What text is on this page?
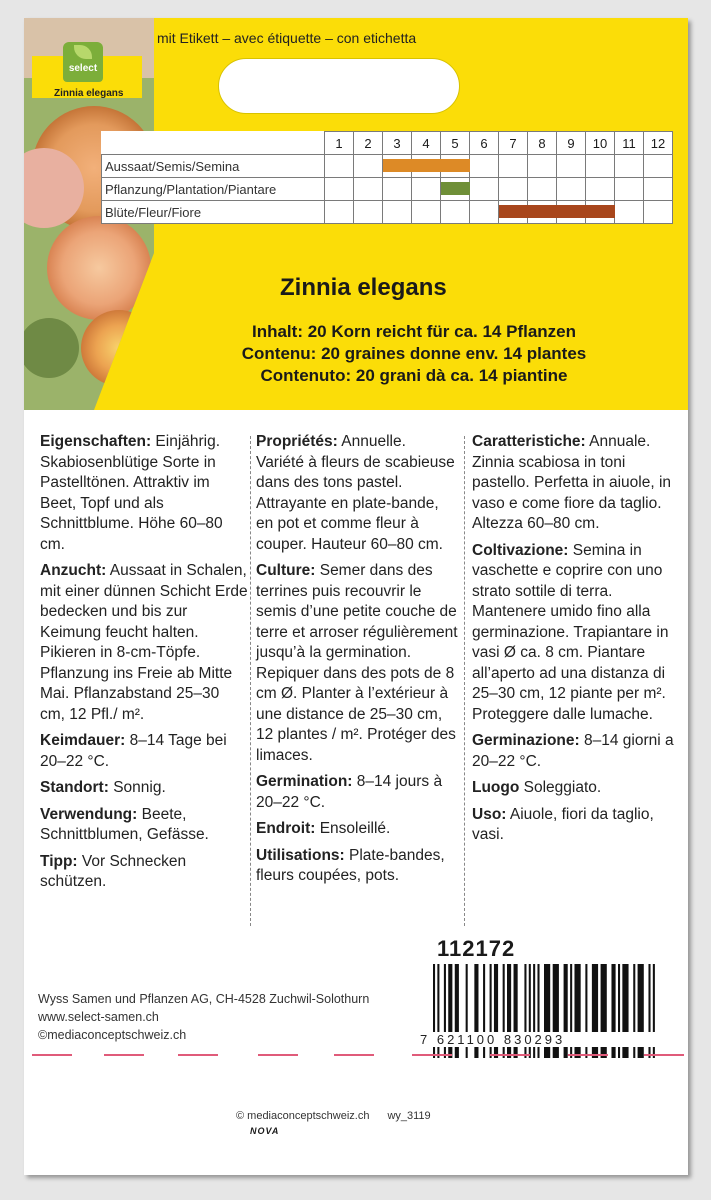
select
Zinnia elegans
mit Etikett – avec étiquette – con etichetta
	1	2	3	4	5	6	7	8	9	10	11	12
Aussaat/Semis/Semina			

Pflanzung/Plantation/Piantare					

Blüte/Fleur/Fiore							

Zinnia elegans
Inhalt: 20 Korn reicht für ca. 14 Pflanzen
Contenu: 20 graines donne env. 14 plantes
Contenuto: 20 grani dà ca. 14 piantine

Eigenschaften: Einjährig. Skabiosenblütige Sorte in Pastelltönen. Attraktiv im Beet, Topf und als Schnittblume. Höhe 60–80 cm.

Anzucht: Aussaat in Schalen, mit einer dünnen Schicht Erde bedecken und bis zur Keimung feucht halten. Pikieren in 8-cm-Töpfe. Pflanzung ins Freie ab Mitte Mai. Pflanzabstand 25–30 cm, 12 Pfl./ m².

Keimdauer: 8–14 Tage bei 20–22 °C.

Standort: Sonnig.

Verwendung: Beete, Schnittblumen, Gefässe.

Tipp: Vor Schnecken schützen.

Propriétés: Annuelle. Variété à fleurs de scabieuse dans des tons pastel. Attrayante en plate-bande, en pot et comme fleur à couper. Hauteur 60–80 cm.

Culture: Semer dans des terrines puis recouvrir le semis d’une petite couche de terre et arroser régulièrement jusqu’à la germination. Repiquer dans des pots de 8 cm Ø. Planter à l’extérieur à une distance de 25–30 cm, 12 plantes / m². Protéger des limaces.

Germination: 8–14 jours à 20–22 °C.

Endroit: Ensoleillé.

Utilisations: Plate-bandes, fleurs coupées, pots.

Caratteristiche: Annuale. Zinnia scabiosa in toni pastello. Perfetta in aiuole, in vaso e come fiore da taglio. Altezza 60–80 cm.

Coltivazione: Semina in vaschette e coprire con uno strato sottile di terra. Mantenere umido fino alla germinazione. Trapiantare in vasi Ø ca. 8 cm. Piantare all’aperto ad una distanza di 25–30 cm, 12 piante per m². Proteggere dalle lumache.

Germinazione: 8–14 giorni a 20–22 °C.

Luogo Soleggiato.

Uso: Aiuole, fiori da taglio, vasi.

Wyss Samen und Pflanzen AG, CH-4528 Zuchwil-Solothurn
www.select-samen.ch
©mediaconceptschweiz.ch
112172
7 621100 830293
© mediaconceptschweiz.ch wy_3119
NOVA
